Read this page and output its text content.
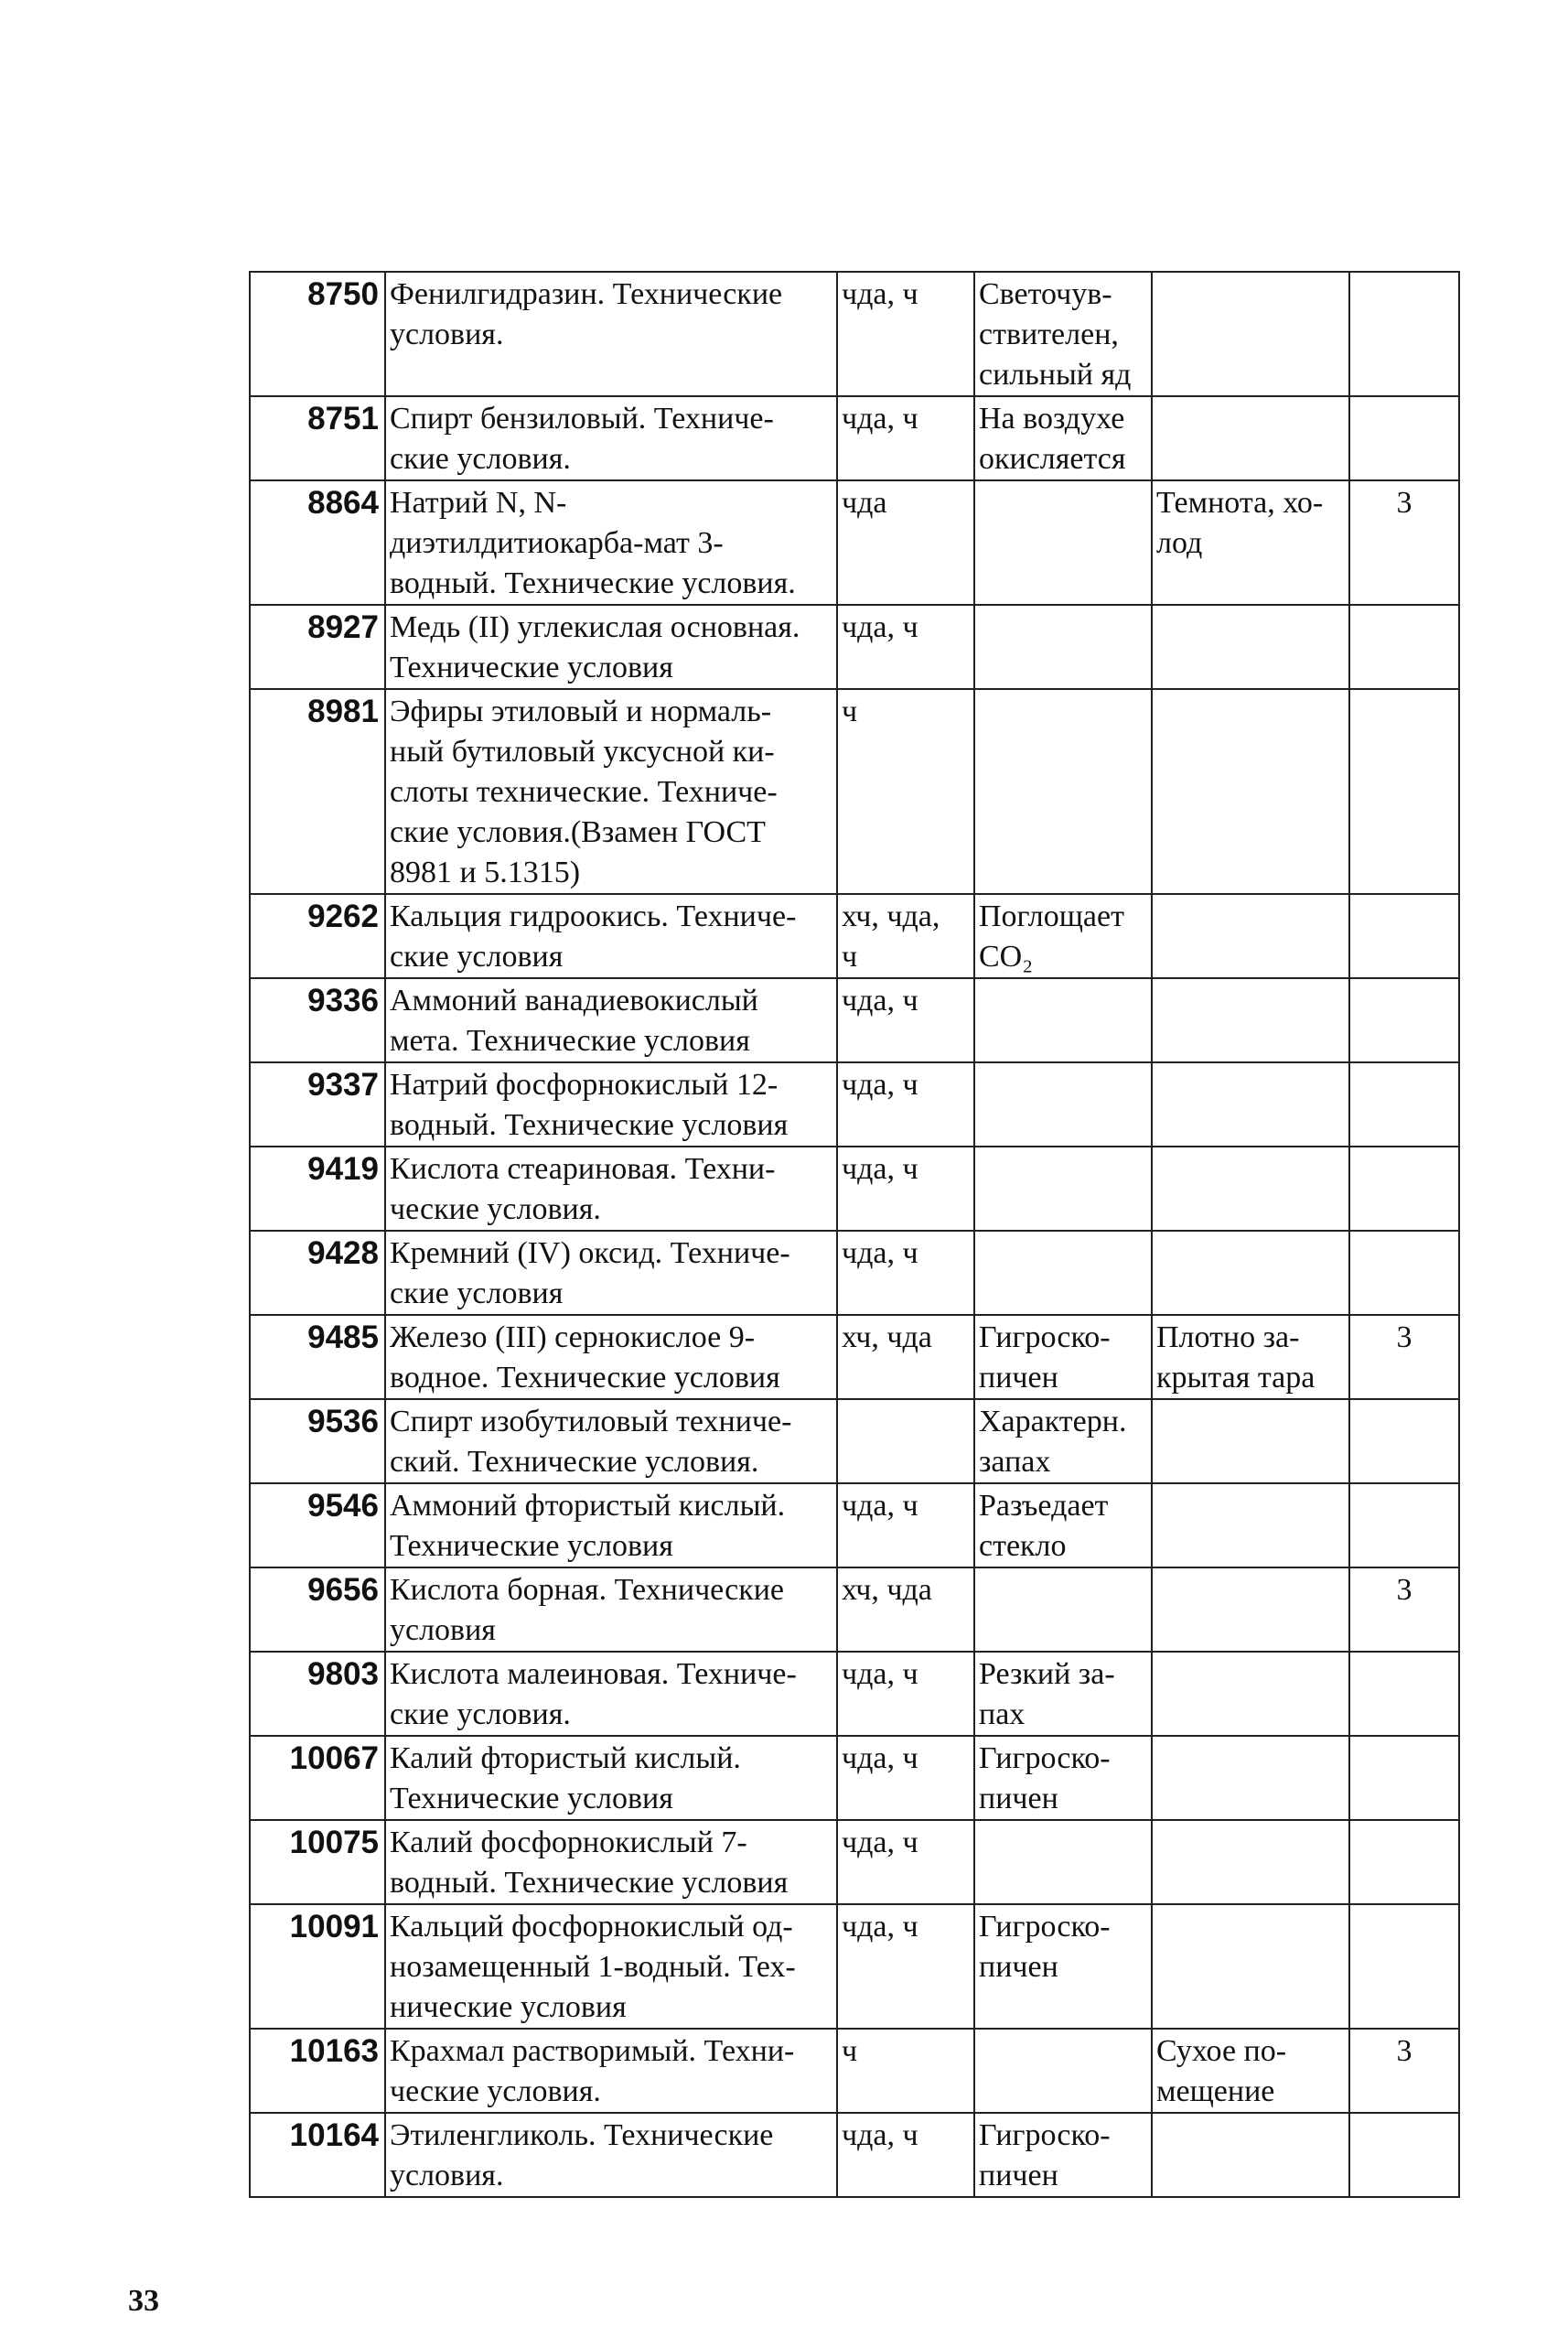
8750	Фенилгидразин. Технические
условия.	чда, ч	Светочув-
ствителен,
сильный яд		
8751	Спирт бензиловый. Техниче-
ские условия.	чда, ч	На воздухе
окисляется		
8864	Натрий N, N-
диэтилдитиокарба-мат 3-
водный. Технические условия.	чда		Темнота, хо-
лод	3
8927	Медь (II) углекислая основная.
Технические условия	чда, ч			
8981	Эфиры этиловый и нормаль-
ный бутиловый уксусной ки-
слоты технические. Техниче-
ские условия.(Взамен ГОСТ
8981 и 5.1315)	ч			
9262	Кальция гидроокись. Техниче-
ские условия	хч, чда,
ч	Поглощает
CO₂		
9336	Аммоний ванадиевокислый
мета. Технические условия	чда, ч			
9337	Натрий фосфорнокислый 12-
водный. Технические условия	чда, ч			
9419	Кислота стеариновая. Техни-
ческие условия.	чда, ч			
9428	Кремний (IV) оксид. Техниче-
ские условия	чда, ч			
9485	Железо (III) сернокислое 9-
водное. Технические условия	хч, чда	Гигроско-
пичен	Плотно за-
крытая тара	3
9536	Спирт изобутиловый техниче-
ский. Технические условия.		Характерн.
запах		
9546	Аммоний фтористый кислый.
Технические условия	чда, ч	Разъедает
стекло		
9656	Кислота борная. Технические
условия	хч, чда			3
9803	Кислота малеиновая. Техниче-
ские условия.	чда, ч	Резкий за-
пах		
10067	Калий фтористый кислый.
Технические условия	чда, ч	Гигроско-
пичен		
10075	Калий фосфорнокислый 7-
водный. Технические условия	чда, ч			
10091	Кальций фосфорнокислый од-
нозамещенный 1-водный. Тех-
нические условия	чда, ч	Гигроско-
пичен		
10163	Крахмал растворимый. Техни-
ческие условия.	ч		Сухое по-
мещение	3
10164	Этиленгликоль. Технические
условия.	чда, ч	Гигроско-
пичен		
33
